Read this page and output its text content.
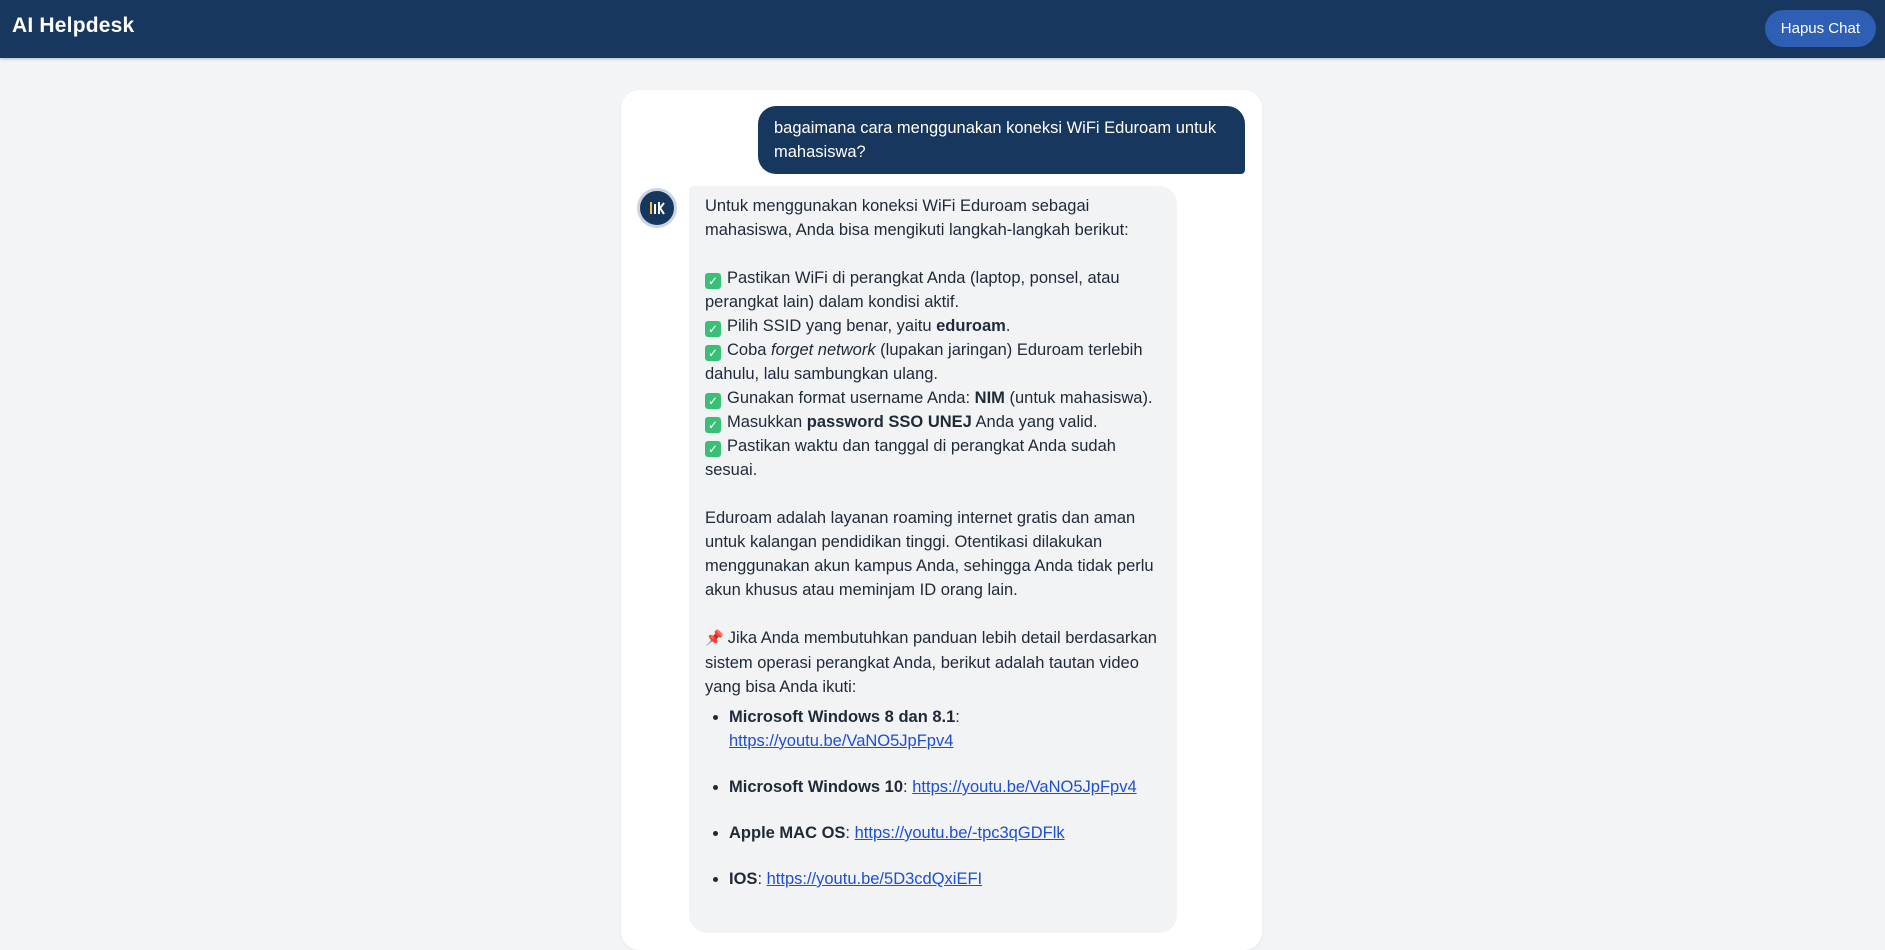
AI Helpdesk	Hapus Chat
bagaimana cara menggunakan koneksi WiFi Eduroam untuk mahasiswa?

Untuk menggunakan koneksi WiFi Eduroam sebagai mahasiswa, Anda bisa mengikuti langkah-langkah berikut:

✓ Pastikan WiFi di perangkat Anda (laptop, ponsel, atau perangkat lain) dalam kondisi aktif.

✓ Pilih SSID yang benar, yaitu eduroam.

✓ Coba forget network (lupakan jaringan) Eduroam terlebih dahulu, lalu sambungkan ulang.

✓ Gunakan format username Anda: NIM (untuk mahasiswa).

✓ Masukkan password SSO UNEJ Anda yang valid.

✓ Pastikan waktu dan tanggal di perangkat Anda sudah sesuai.

Eduroam adalah layanan roaming internet gratis dan aman untuk kalangan pendidikan tinggi. Otentikasi dilakukan menggunakan akun kampus Anda, sehingga Anda tidak perlu akun khusus atau meminjam ID orang lain.

📌 Jika Anda membutuhkan panduan lebih detail berdasarkan sistem operasi perangkat Anda, berikut adalah tautan video yang bisa Anda ikuti:

• Microsoft Windows 8 dan 8.1: https://youtu.be/VaNO5JpFpv4
• Microsoft Windows 10: https://youtu.be/VaNO5JpFpv4
• Apple MAC OS: https://youtu.be/-tpc3qGDFlk
• IOS: https://youtu.be/5D3cdQxiEFI
